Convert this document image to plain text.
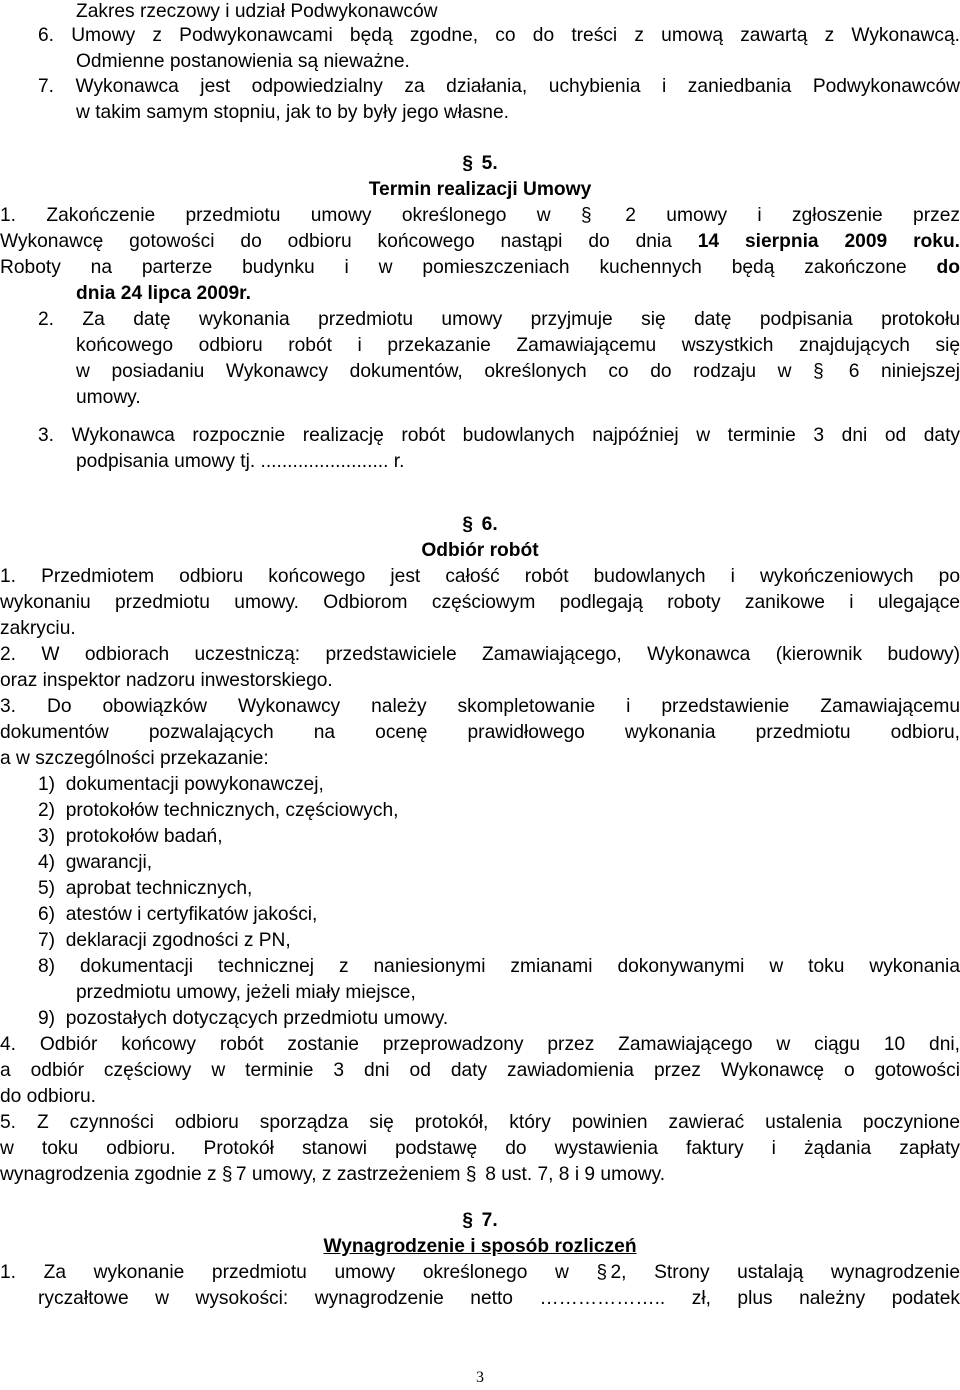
Zakres rzeczowy i udział Podwykonawców
6. Umowy z Podwykonawcami będą zgodne, co do treści z umową zawartą z Wykonawcą.
Odmienne postanowienia są nieważne.
7. Wykonawca jest odpowiedzialny za działania, uchybienia i zaniedbania Podwykonawców
w takim samym stopniu, jak to by były jego własne.
§  5.
Termin realizacji Umowy
1. Zakończenie przedmiotu umowy określonego w §	2 umowy i zgłoszenie przez
Wykonawcę gotowości do odbioru końcowego nastąpi do dnia 14 sierpnia 2009 roku.
Roboty na parterze budynku i w pomieszczeniach kuchennych będą zakończone do
dnia 24 lipca 2009r.
2. Za datę wykonania przedmiotu umowy przyjmuje się datę podpisania protokołu
końcowego odbioru robót i przekazanie Zamawiającemu wszystkich znajdujących się
w posiadaniu Wykonawcy dokumentów, określonych co do rodzaju w §	6 niniejszej
umowy.
3. Wykonawca rozpocznie realizację robót budowlanych najpóźniej w terminie 3 dni od daty
podpisania umowy tj. ........................ r.
§  6.
Odbiór robót
1. Przedmiotem odbioru końcowego jest całość robót budowlanych i wykończeniowych po
wykonaniu przedmiotu umowy. Odbiorom częściowym podlegają roboty zanikowe i ulegające
zakryciu.
2. W odbiorach uczestniczą: przedstawiciele Zamawiającego, Wykonawca (kierownik budowy)
oraz inspektor nadzoru inwestorskiego.
3. Do obowiązków Wykonawcy należy skompletowanie i przedstawienie Zamawiającemu
dokumentów pozwalających na ocenę prawidłowego wykonania przedmiotu odbioru,
a w szczególności przekazanie:
1)  dokumentacji powykonawczej,
2)  protokołów technicznych, częściowych,
3)  protokołów badań,
4)  gwarancji,
5)  aprobat technicznych,
6)  atestów i certyfikatów jakości,
7)  deklaracji zgodności z PN,
8) dokumentacji technicznej z naniesionymi zmianami dokonywanymi w toku wykonania
przedmiotu umowy, jeżeli miały miejsce,
9)  pozostałych dotyczących przedmiotu umowy.
4. Odbiór końcowy robót zostanie przeprowadzony przez Zamawiającego w ciągu 10 dni,
a odbiór częściowy w terminie 3 dni od daty zawiadomienia przez Wykonawcę o gotowości
do odbioru.
5. Z czynności odbioru sporządza się protokół, który powinien zawierać ustalenia poczynione
w toku odbioru. Protokół stanowi podstawę do wystawienia faktury i żądania zapłaty
wynagrodzenia zgodnie z § 7 umowy, z zastrzeżeniem § 8 ust. 7, 8 i 9 umowy.
§  7.
Wynagrodzenie i sposób rozliczeń
1. Za wykonanie przedmiotu umowy określonego w § 2, Strony ustalają wynagrodzenie
ryczałtowe w wysokości: wynagrodzenie netto ……………….. zł, plus należny podatek
3
